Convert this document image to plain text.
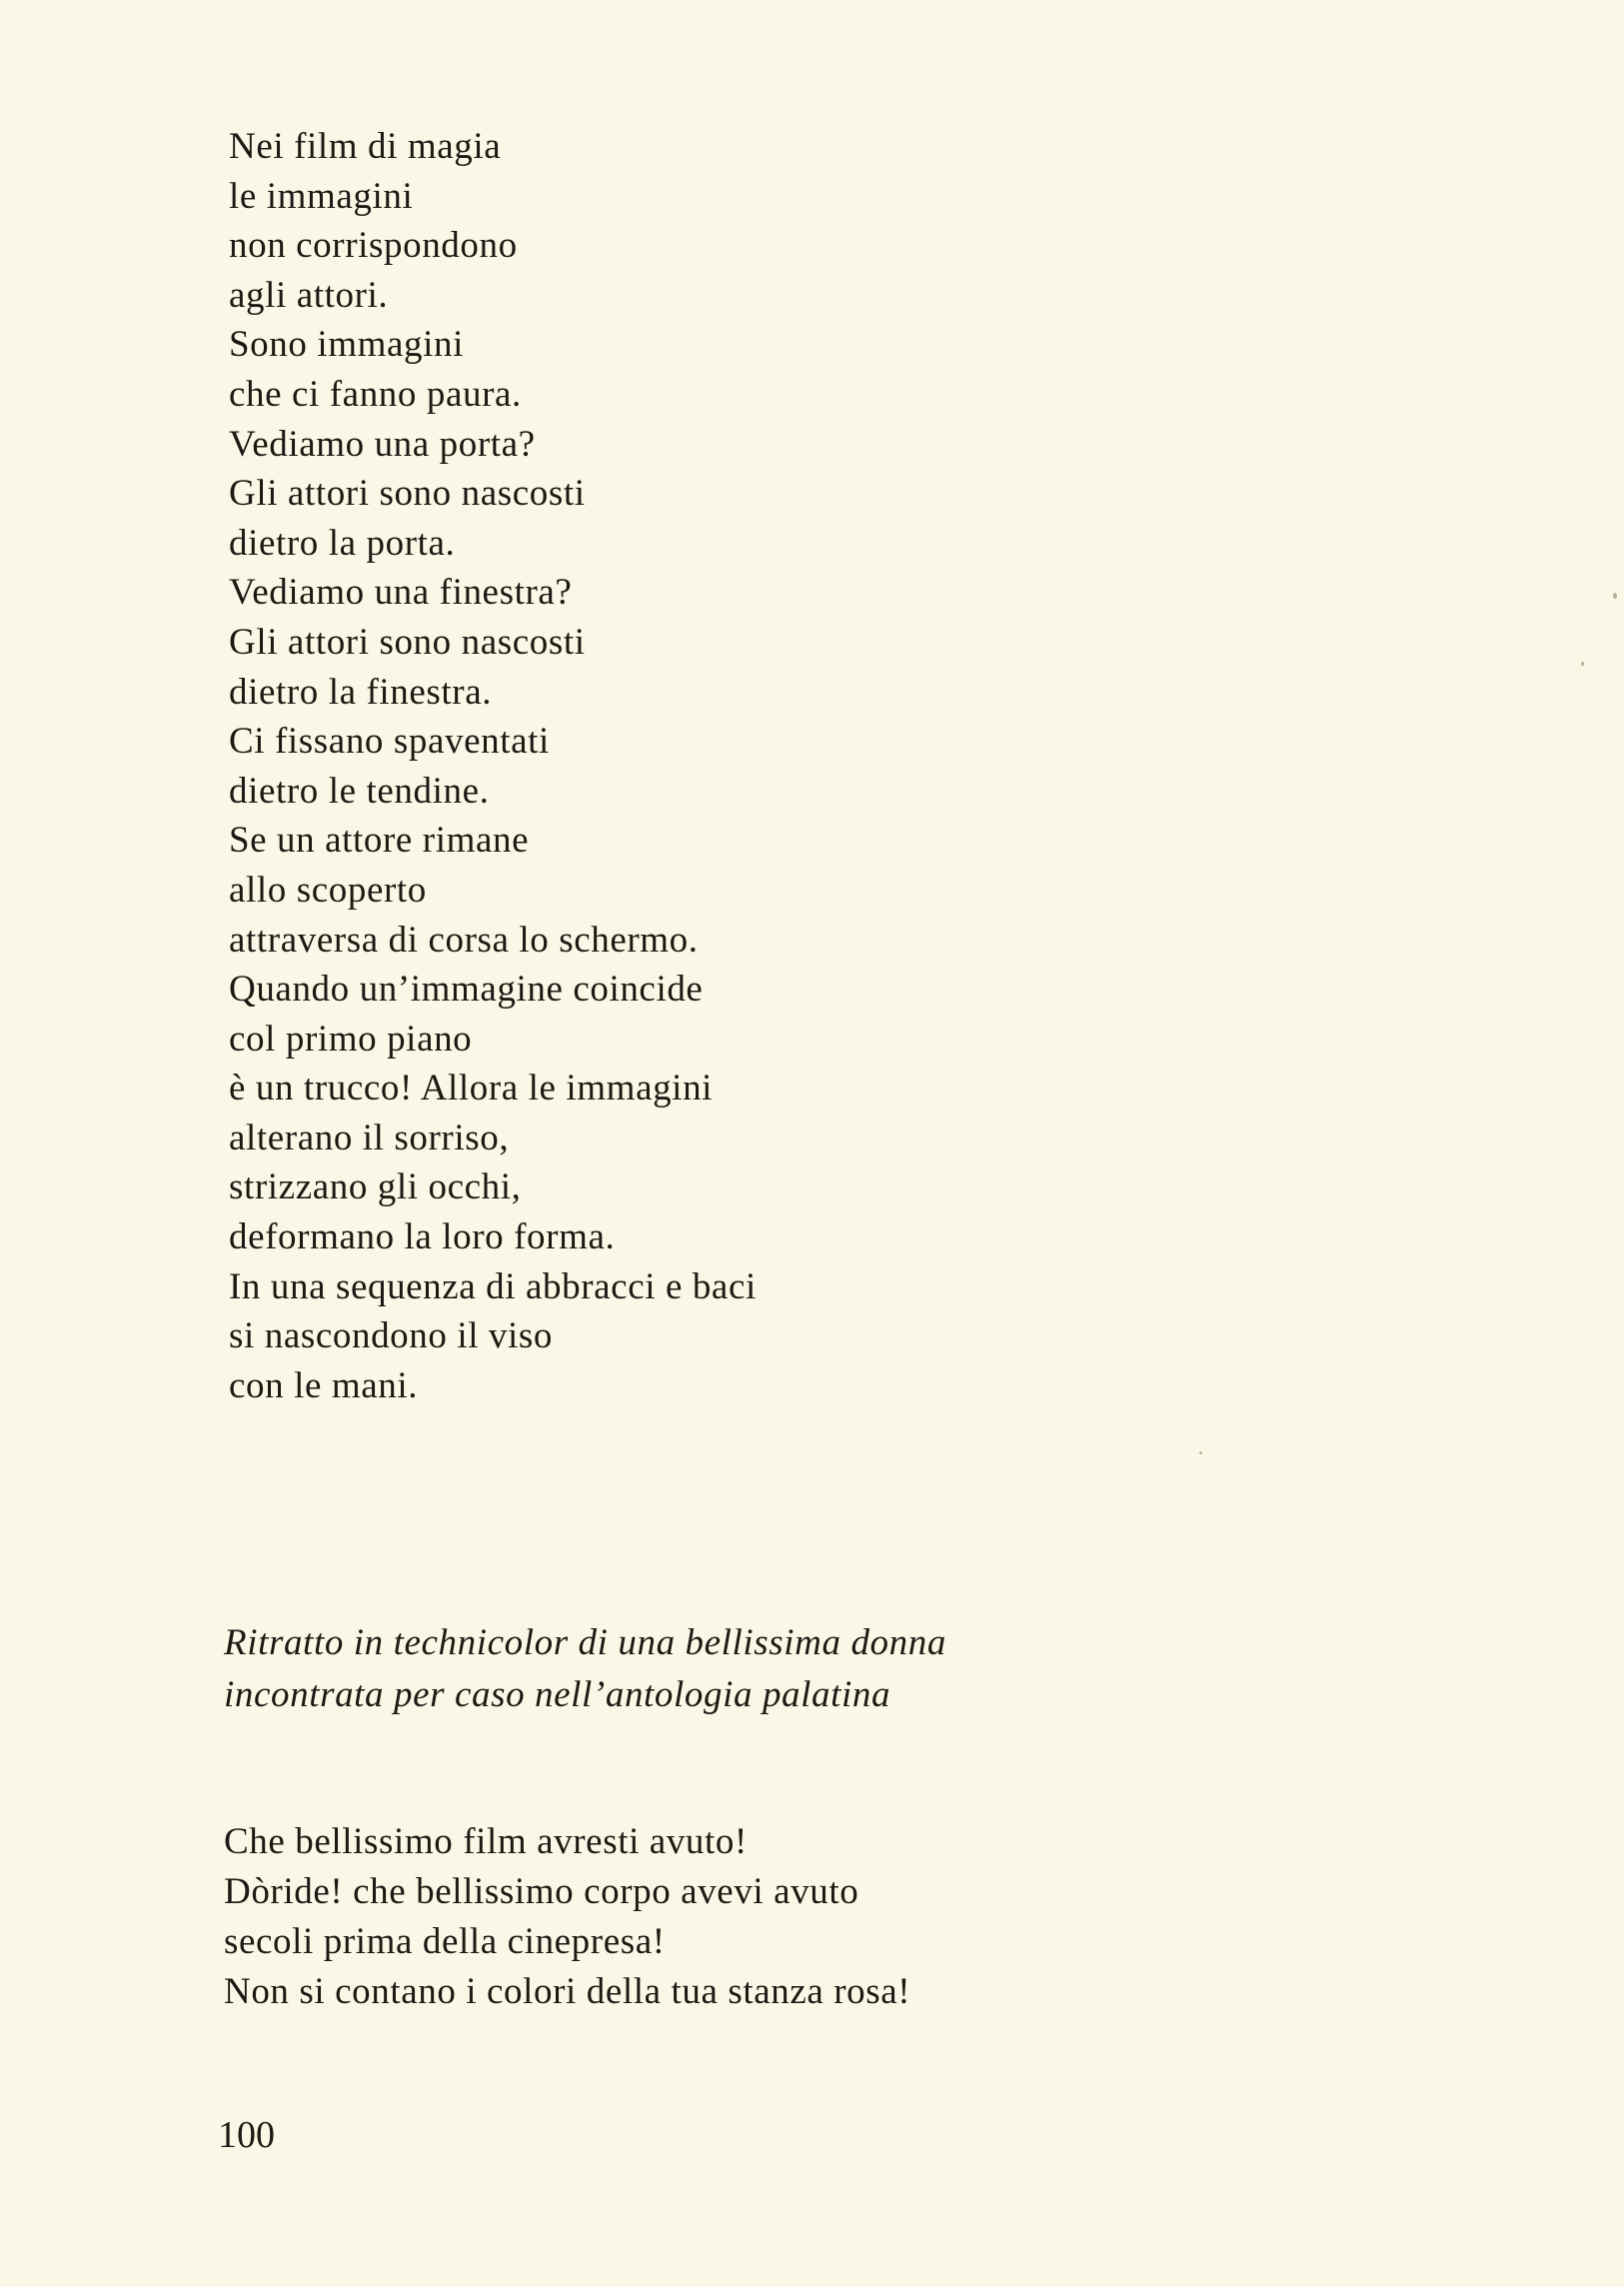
Nei film di magia
le immagini
non corrispondono
agli attori.
Sono immagini
che ci fanno paura.
Vediamo una porta?
Gli attori sono nascosti
dietro la porta.
Vediamo una finestra?
Gli attori sono nascosti
dietro la finestra.
Ci fissano spaventati
dietro le tendine.
Se un attore rimane
allo scoperto
attraversa di corsa lo schermo.
Quando un’immagine coincide
col primo piano
è un trucco! Allora le immagini
alterano il sorriso,
strizzano gli occhi,
deformano la loro forma.
In una sequenza di abbracci e baci
si nascondono il viso
con le mani.
Ritratto in technicolor di una bellissima donna
incontrata per caso nell’antologia palatina
Che bellissimo film avresti avuto!
Dòride! che bellissimo corpo avevi avuto
secoli prima della cinepresa!
Non si contano i colori della tua stanza rosa!
100
